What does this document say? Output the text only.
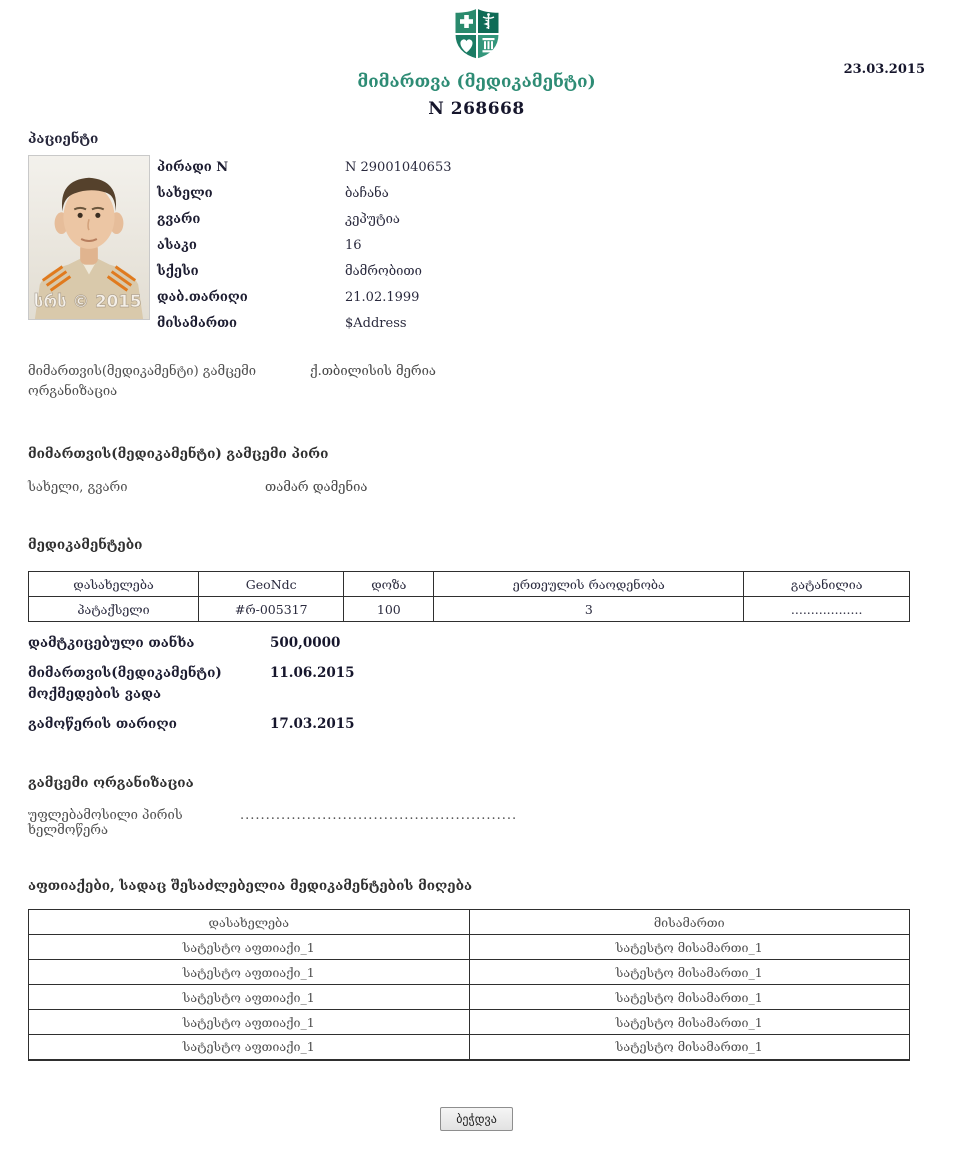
მიმართვა (მედიკამენტი)
N 268668
23.03.2015
პაციენტი
სრს © 2015
პირადი N	N 29001040653
სახელი	ბაჩანა
გვარი	კეპუტია
ასაკი	16
სქესი	მამრობითი
დაბ.თარიღი	21.02.1999
მისამართი	$Address
მიმართვის(მედიკამენტი) გამცემი ორგანიზაცია
ქ.თბილისის მერია
მიმართვის(მედიკამენტი) გამცემი პირი
სახელი, გვარი	თამარ დამენია
მედიკამენტები
დასახელება	GeoNdc	დოზა	ერთეულის რაოდენობა	გატანილია
პატაქსელი	#რ-005317	100	3	..................
დამტკიცებული თანხა	500,0000
მიმართვის(მედიკამენტი) მოქმედების ვადა
11.06.2015
გამოწერის თარიღი	17.03.2015
გამცემი ორგანიზაცია
უფლებამოსილი პირის ხელმოწერა
......................................................
აფთიაქები, სადაც შესაძლებელია მედიკამენტების მიღება
დასახელება	მისამართი
სატესტო აფთიაქი_1	სატესტო მისამართი_1
სატესტო აფთიაქი_1	სატესტო მისამართი_1
სატესტო აფთიაქი_1	სატესტო მისამართი_1
სატესტო აფთიაქი_1	სატესტო მისამართი_1
სატესტო აფთიაქი_1	სატესტო მისამართი_1
ბეჭდვა
